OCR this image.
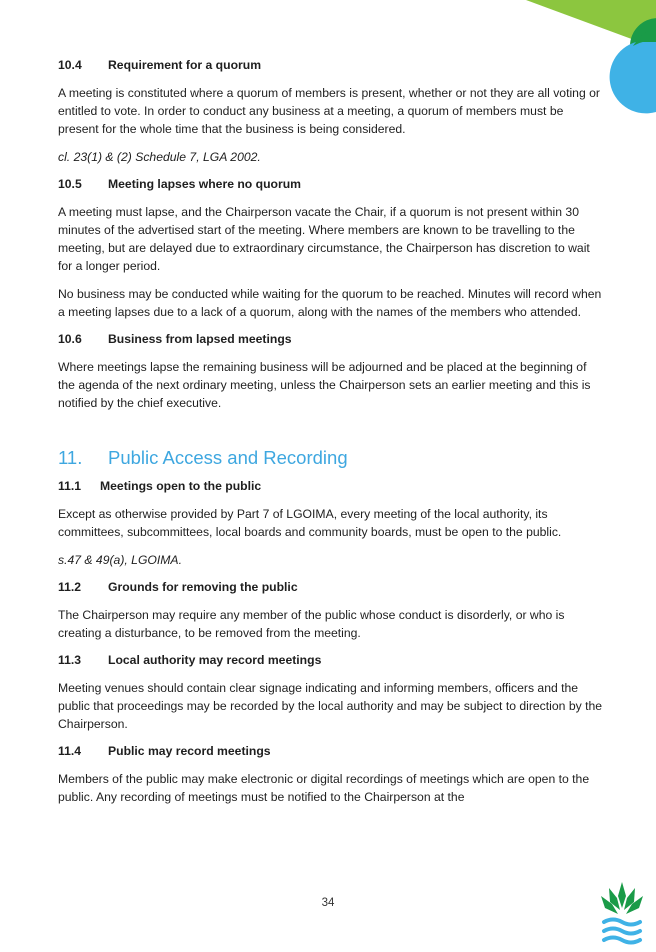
10.4	Requirement for a quorum

A meeting is constituted where a quorum of members is present, whether or not they are all voting or entitled to vote. In order to conduct any business at a meeting, a quorum of members must be present for the whole time that the business is being considered.

cl. 23(1) & (2) Schedule 7, LGA 2002.

10.5	Meeting lapses where no quorum

A meeting must lapse, and the Chairperson vacate the Chair, if a quorum is not present within 30 minutes of the advertised start of the meeting. Where members are known to be travelling to the meeting, but are delayed due to extraordinary circumstance, the Chairperson has discretion to wait for a longer period.

No business may be conducted while waiting for the quorum to be reached. Minutes will record when a meeting lapses due to a lack of a quorum, along with the names of the members who attended.

10.6	Business from lapsed meetings

Where meetings lapse the remaining business will be adjourned and be placed at the beginning of the agenda of the next ordinary meeting, unless the Chairperson sets an earlier meeting and this is notified by the chief executive.

11.	Public Access and Recording
11.1	Meetings open to the public

Except as otherwise provided by Part 7 of LGOIMA, every meeting of the local authority, its committees, subcommittees, local boards and community boards, must be open to the public.

s.47 & 49(a), LGOIMA.

11.2	Grounds for removing the public

The Chairperson may require any member of the public whose conduct is disorderly, or who is creating a disturbance, to be removed from the meeting.

11.3	Local authority may record meetings

Meeting venues should contain clear signage indicating and informing members, officers and the public that proceedings may be recorded by the local authority and may be subject to direction by the Chairperson.

11.4	Public may record meetings

Members of the public may make electronic or digital recordings of meetings which are open to the public. Any recording of meetings must be notified to the Chairperson at the

34
